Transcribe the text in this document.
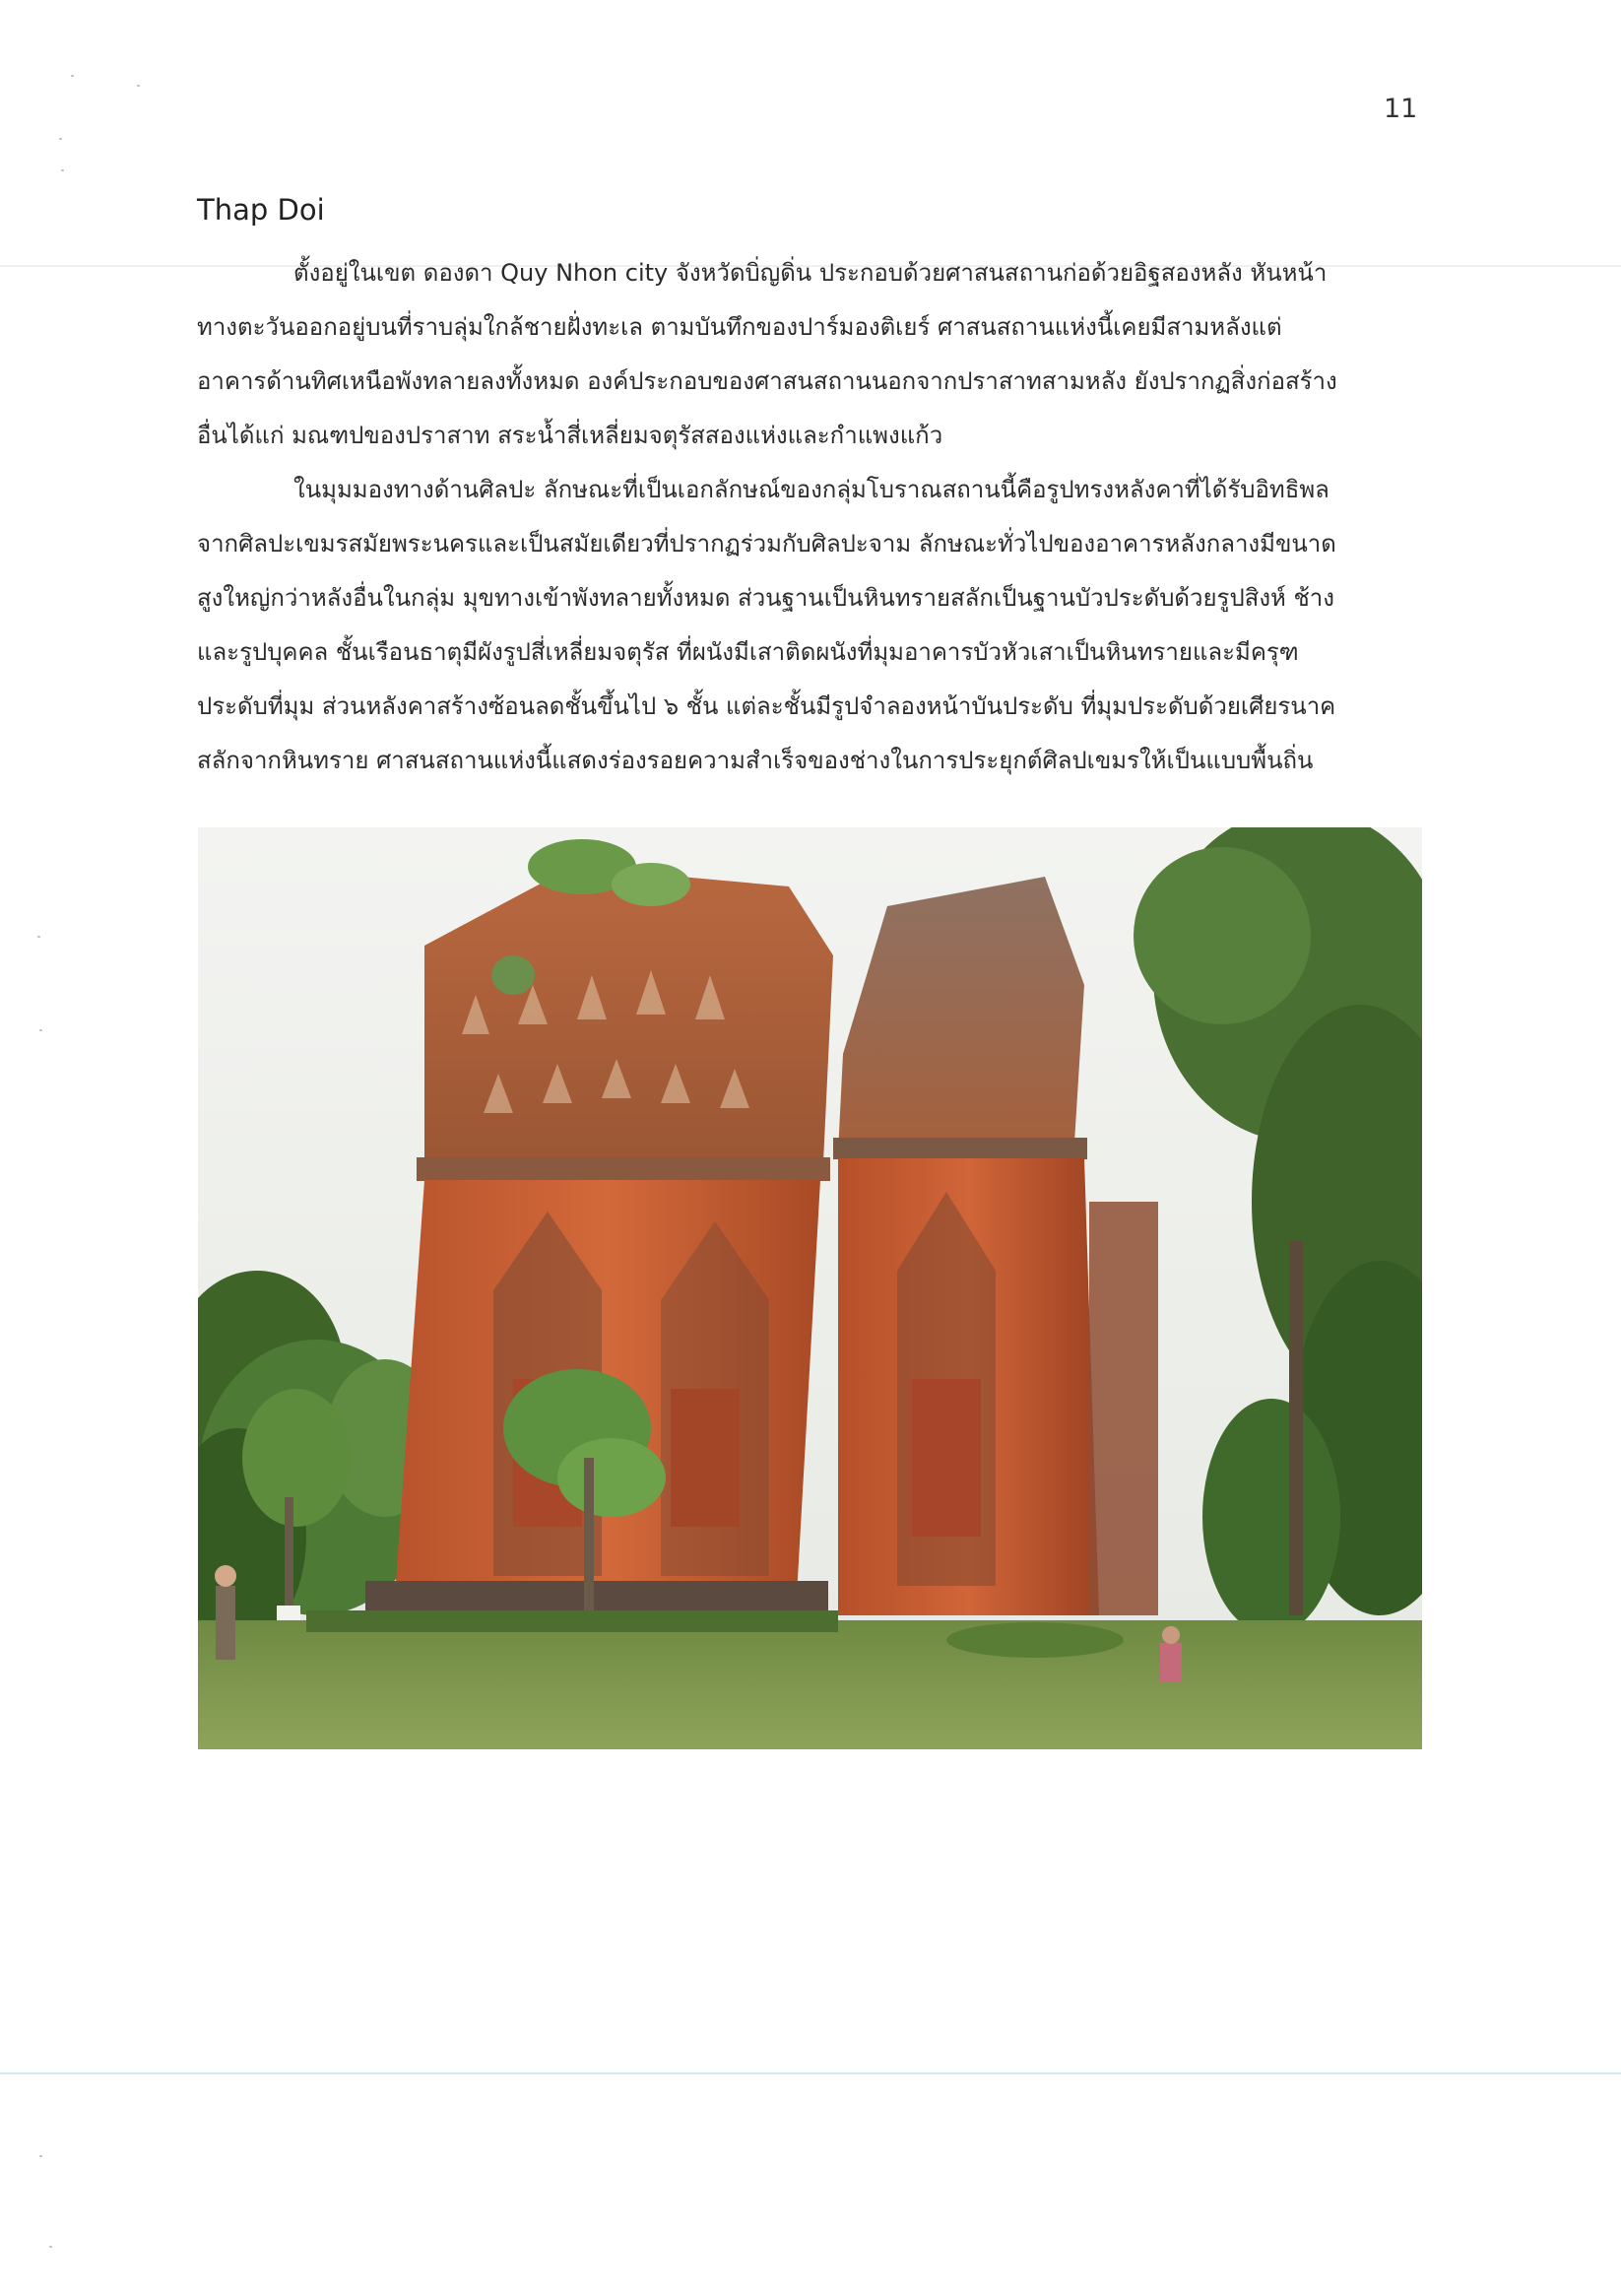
11
Thap Doi
ตั้งอยู่ในเขต ดองดา Quy Nhon city จังหวัดบิ่ญดิ่น ประกอบด้วยศาสนสถานก่อด้วยอิฐสองหลัง หันหน้า
ทางตะวันออกอยู่บนที่ราบลุ่มใกล้ชายฝั่งทะเล ตามบันทึกของปาร์มองติเยร์ ศาสนสถานแห่งนี้เคยมีสามหลังแต่
อาคารด้านทิศเหนือพังทลายลงทั้งหมด องค์ประกอบของศาสนสถานนอกจากปราสาทสามหลัง ยังปรากฏสิ่งก่อสร้าง
อื่นได้แก่ มณฑปของปราสาท สระน้ำสี่เหลี่ยมจตุรัสสองแห่งและกำแพงแก้ว
ในมุมมองทางด้านศิลปะ ลักษณะที่เป็นเอกลักษณ์ของกลุ่มโบราณสถานนี้คือรูปทรงหลังคาที่ได้รับอิทธิพล
จากศิลปะเขมรสมัยพระนครและเป็นสมัยเดียวที่ปรากฏร่วมกับศิลปะจาม ลักษณะทั่วไปของอาคารหลังกลางมีขนาด
สูงใหญ่กว่าหลังอื่นในกลุ่ม มุขทางเข้าพังทลายทั้งหมด ส่วนฐานเป็นหินทรายสลักเป็นฐานบัวประดับด้วยรูปสิงห์ ช้าง
และรูปบุคคล ชั้นเรือนธาตุมีผังรูปสี่เหลี่ยมจตุรัส ที่ผนังมีเสาติดผนังที่มุมอาคารบัวหัวเสาเป็นหินทรายและมีครุฑ
ประดับที่มุม ส่วนหลังคาสร้างซ้อนลดชั้นขึ้นไป ๖ ชั้น แต่ละชั้นมีรูปจำลองหน้าบันประดับ ที่มุมประดับด้วยเศียรนาค
สลักจากหินทราย ศาสนสถานแห่งนี้แสดงร่องรอยความสำเร็จของช่างในการประยุกต์ศิลปเขมรให้เป็นแบบพื้นถิ่น
